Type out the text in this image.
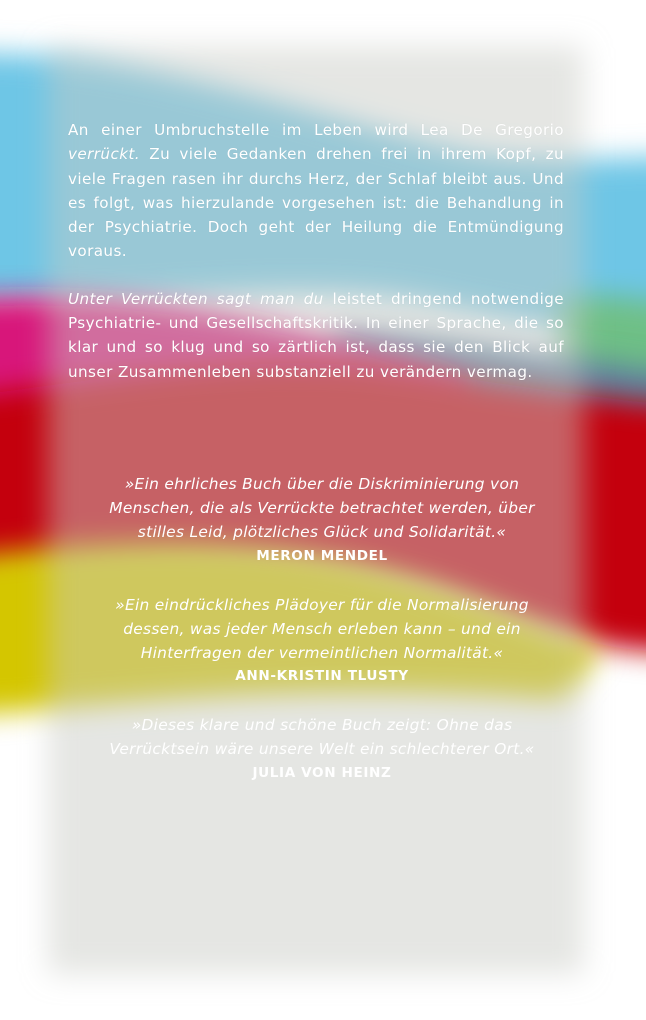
An einer Umbruchstelle im Leben wird Lea De Gregorio verrückt. Zu viele Gedanken drehen frei in ihrem Kopf, zu viele Fragen rasen ihr durchs Herz, der Schlaf bleibt aus. Und es folgt, was hierzulande vorgesehen ist: die Behandlung in der Psychiatrie. Doch geht der Heilung die Entmündigung voraus.

Unter Verrückten sagt man du leistet dringend notwendige Psychiatrie- und Gesellschaftskritik. In einer Sprache, die so klar und so klug und so zärtlich ist, dass sie den Blick auf unser Zusammenleben substanziell zu verändern vermag.

»Ein ehrliches Buch über die Diskriminierung von
Menschen, die als Verrückte betrachtet werden, über
stilles Leid, plötzliches Glück und Solidarität.«

MERON MENDEL

»Ein eindrückliches Plädoyer für die Normalisierung
dessen, was jeder Mensch erleben kann – und ein
Hinterfragen der vermeintlichen Normalität.«

ANN-KRISTIN TLUSTY

»Dieses klare und schöne Buch zeigt: Ohne das
Verrücktsein wäre unsere Welt ein schlechterer Ort.«

JULIA VON HEINZ
